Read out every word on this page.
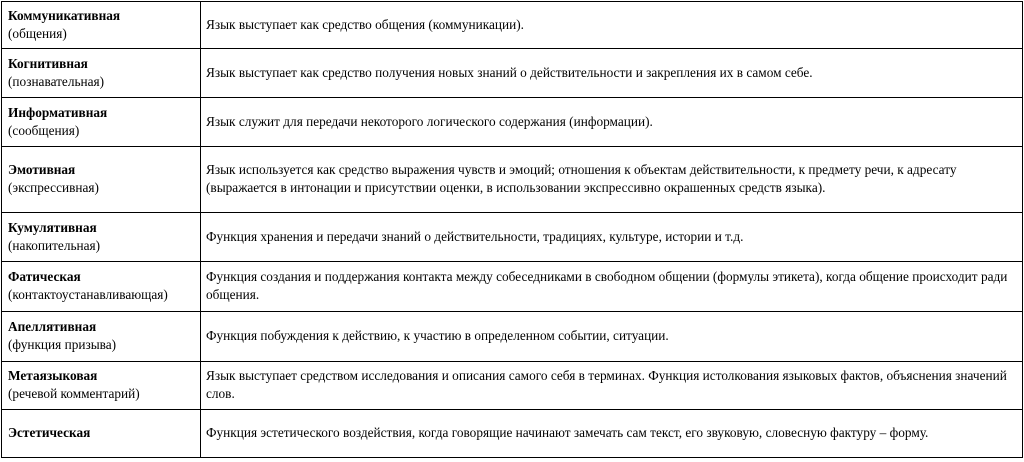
Коммуникативная
(общения)	Язык выступает как средство общения (коммуникации).

Когнитивная
(познавательная)	Язык выступает как средство получения новых знаний о действительности и закрепления их в самом себе.

Информативная
(сообщения)	Язык служит для передачи некоторого логического содержания (информации).

Эмотивная
(экспрессивная)	Язык используется как средство выражения чувств и эмоций; отношения к объектам действительности, к предмету речи, к адресату (выражается в интонации и присутствии оценки, в использовании экспрессивно окрашенных средств языка).

Кумулятивная
(накопительная)	Функция хранения и передачи знаний о действительности, традициях, культуре, истории и т.д.

Фатическая
(контактоустанавливающая)	Функция создания и поддержания контакта между собеседниками в свободном общении (формулы этикета), когда общение происходит ради общения.

Апеллятивная
(функция призыва)	Функция побуждения к действию, к участию в определенном событии, ситуации.

Метаязыковая
(речевой комментарий)	Язык выступает средством исследования и описания самого себя в терминах. Функция истолкования языковых фактов, объяснения значений слов.

Эстетическая	Функция эстетического воздействия, когда говорящие начинают замечать сам текст, его звуковую, словесную фактуру – форму.
